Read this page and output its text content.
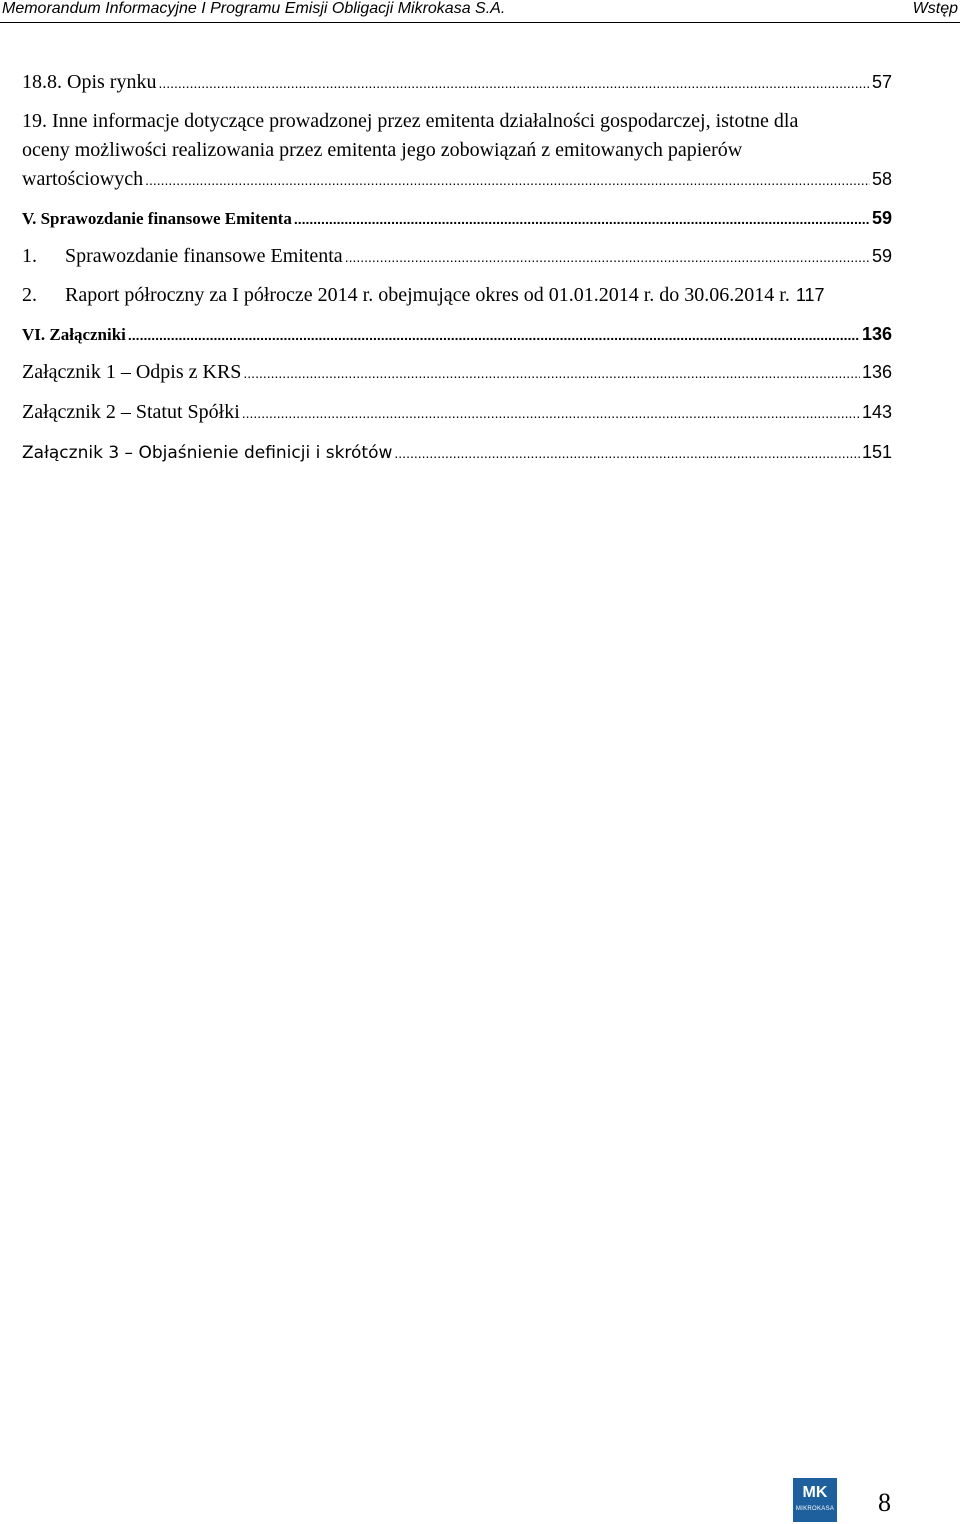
Memorandum Informacyjne I Programu Emisji Obligacji Mikrokasa S.A.	Wstęp
18.8. Opis rynku .....	57
19. Inne informacje dotyczące prowadzonej przez emitenta działalności gospodarczej, istotne dla
oceny możliwości realizowania przez emitenta jego zobowiązań z emitowanych papierów
wartościowych .....	58
V. Sprawozdanie finansowe Emitenta .....	59
1.	Sprawozdanie finansowe Emitenta .....	59
2.	Raport półroczny za I półrocze 2014 r. obejmujące okres od 01.01.2014 r. do 30.06.2014 r. 117
VI. Załączniki .....	136
Załącznik 1 – Odpis z KRS .....	136
Załącznik 2 – Statut Spółki .....	143
Załącznik 3 – Objaśnienie definicji i skrótów .....	151
MK
MIKROKASA 8
